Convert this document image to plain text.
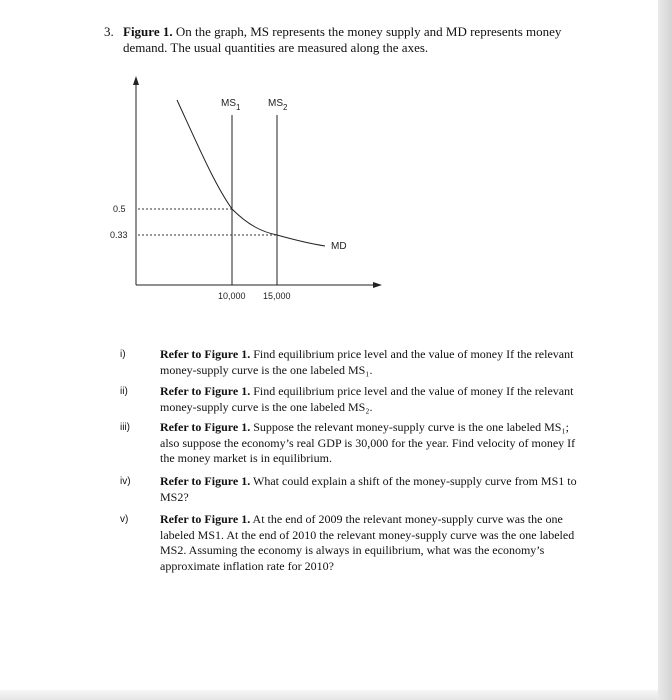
3. Figure 1. On the graph, MS represents the money supply and MD represents money demand. The usual quantities are measured along the axes.
$MS_1$	$MS_2$
MD
0.5
0.33
10,000 15,000
i)	Refer to Figure 1. Find equilibrium price level and the value of money If the relevant money-supply curve is the one labeled MS₁.
ii)	Refer to Figure 1. Find equilibrium price level and the value of money If the relevant money-supply curve is the one labeled MS₂.
iii)	Refer to Figure 1. Suppose the relevant money-supply curve is the one labeled MS₁; also suppose the economy’s real GDP is 30,000 for the year. Find velocity of money If the money market is in equilibrium.
iv) Refer to Figure 1. What could explain a shift of the money-supply curve from MS1 to MS2?
v)	Refer to Figure 1. At the end of 2009 the relevant money-supply curve was the one labeled MS1. At the end of 2010 the relevant money-supply curve was the one labeled MS2. Assuming the economy is always in equilibrium, what was the economy’s approximate inflation rate for 2010?
